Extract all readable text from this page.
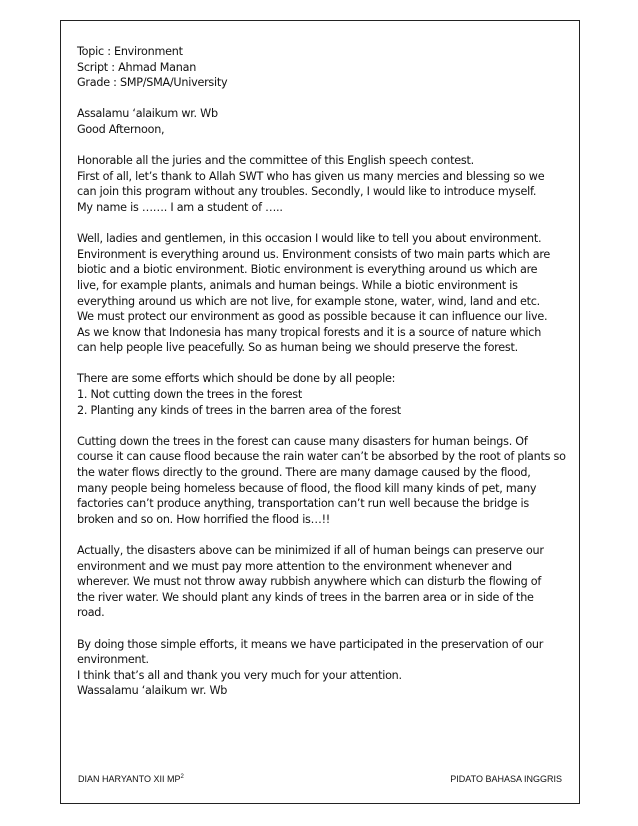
Topic : Environment
Script : Ahmad Manan
Grade : SMP/SMA/University
Assalamu ‘alaikum wr. Wb
Good Afternoon,
Honorable all the juries and the committee of this English speech contest.
First of all, let’s thank to Allah SWT who has given us many mercies and blessing so we
can join this program without any troubles. Secondly, I would like to introduce myself.
My name is ……. I am a student of …..
Well, ladies and gentlemen, in this occasion I would like to tell you about environment.
Environment is everything around us. Environment consists of two main parts which are
biotic and a biotic environment. Biotic environment is everything around us which are
live, for example plants, animals and human beings. While a biotic environment is
everything around us which are not live, for example stone, water, wind, land and etc.
We must protect our environment as good as possible because it can influence our live.
As we know that Indonesia has many tropical forests and it is a source of nature which
can help people live peacefully. So as human being we should preserve the forest.
There are some efforts which should be done by all people:
1. Not cutting down the trees in the forest
2. Planting any kinds of trees in the barren area of the forest
Cutting down the trees in the forest can cause many disasters for human beings. Of
course it can cause flood because the rain water can’t be absorbed by the root of plants so
the water flows directly to the ground. There are many damage caused by the flood,
many people being homeless because of flood, the flood kill many kinds of pet, many
factories can’t produce anything, transportation can’t run well because the bridge is
broken and so on. How horrified the flood is…!!
Actually, the disasters above can be minimized if all of human beings can preserve our
environment and we must pay more attention to the environment whenever and
wherever. We must not throw away rubbish anywhere which can disturb the flowing of
the river water. We should plant any kinds of trees in the barren area or in side of the
road.
By doing those simple efforts, it means we have participated in the preservation of our
environment.
I think that’s all and thank you very much for your attention.
Wassalamu ‘alaikum wr. Wb
DIAN HARYANTO XII $MP^2$	PIDATO BAHASA INGGRIS
